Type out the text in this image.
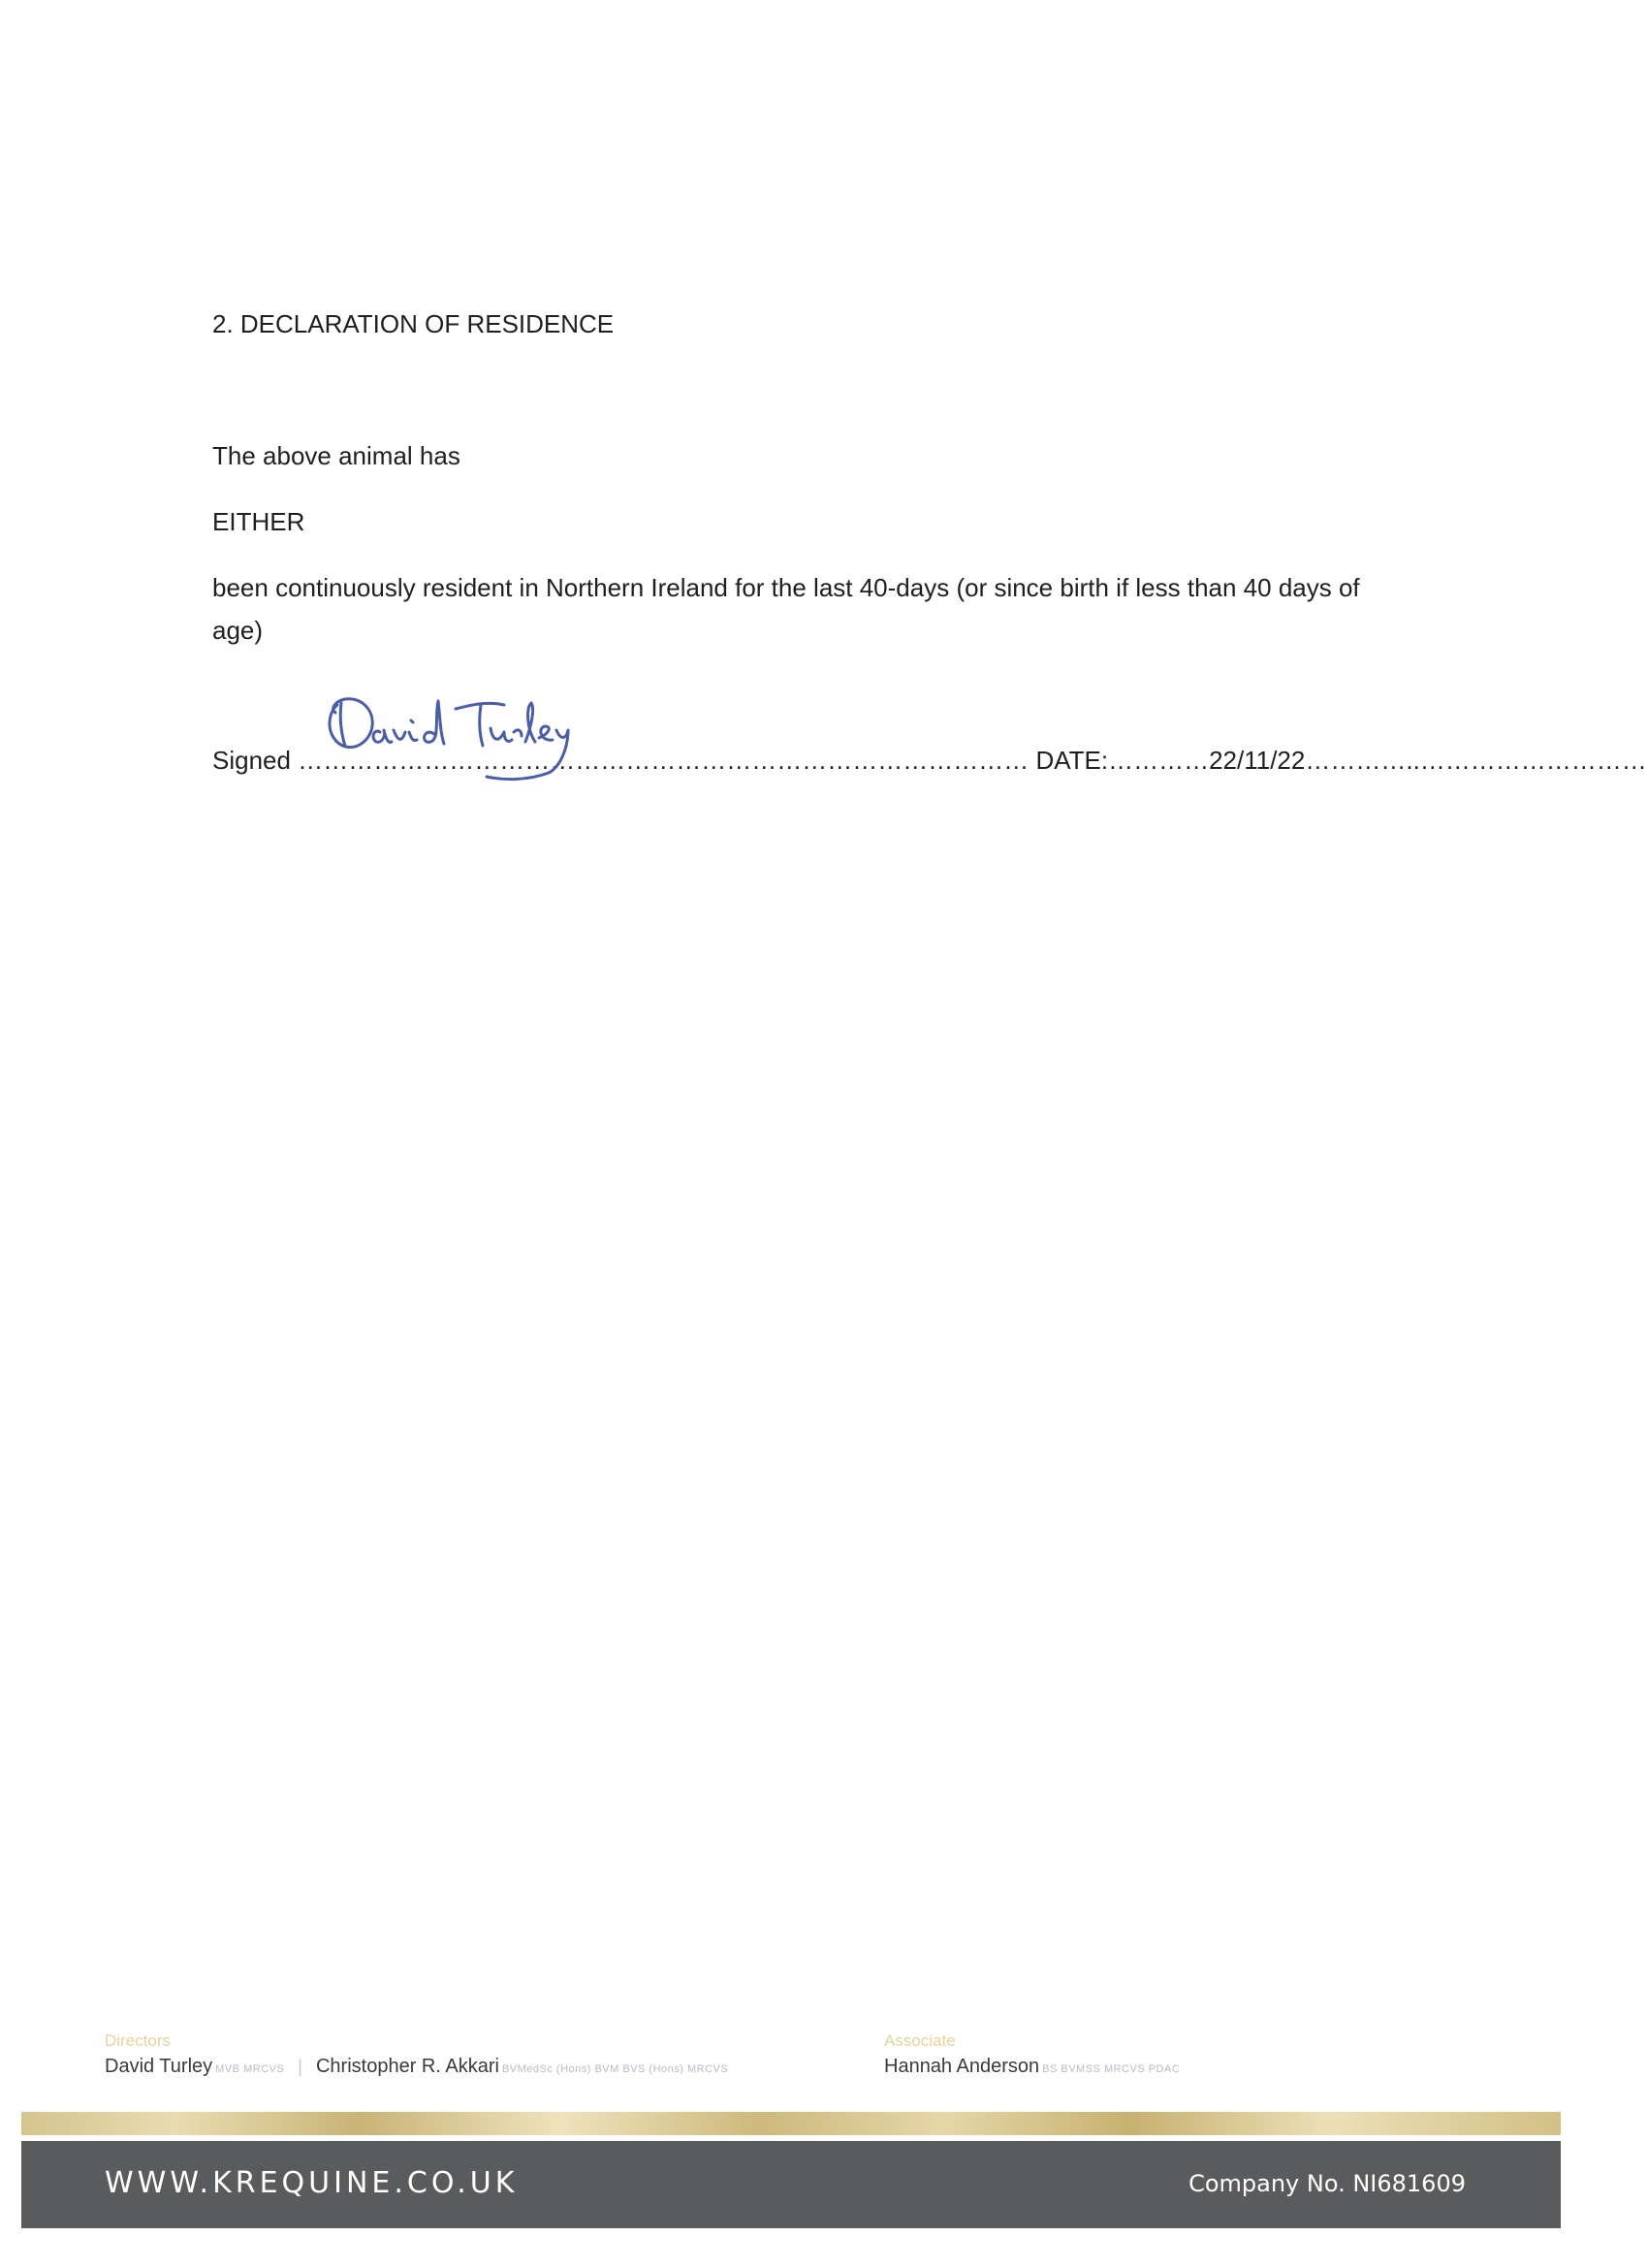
2. DECLARATION OF RESIDENCE
The above animal has
EITHER
been continuously resident in Northern Ireland for the last 40-days (or since birth if less than 40 days of age)
Signed …………………………………………………………………………… DATE:…………22/11/22…………..………………………
Directors
David Turley MVB MRCVS | Christopher R. Akkari BVMedSc (Hons) BVM BVS (Hons) MRCVS
Associate
Hannah Anderson BS BVMSS MRCVS PDAC
WWW.KREQUINE.CO.UK	Company No. NI681609
